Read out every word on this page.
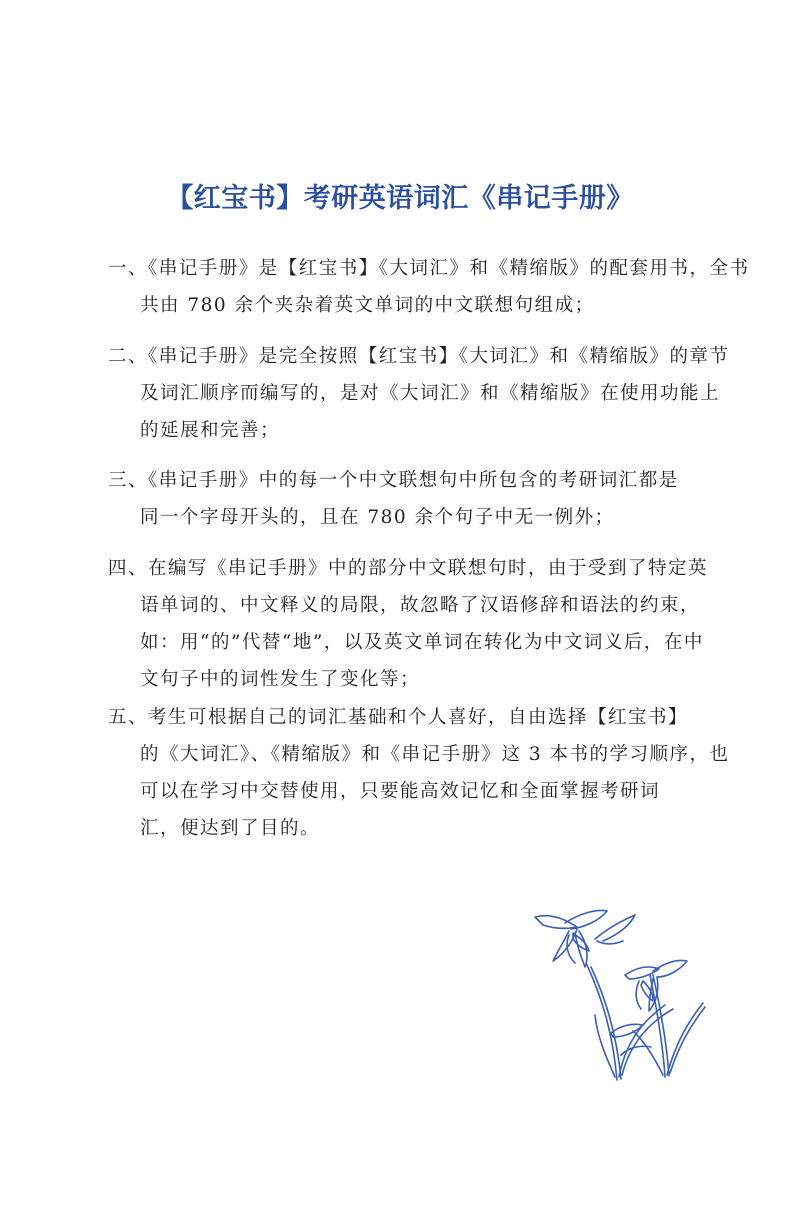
【红宝书】考研英语词汇《串记手册》
一、《串记手册》是【红宝书】《大词汇》和《精缩版》的配套用书，全书
共由 780 余个夹杂着英文单词的中文联想句组成；
二、《串记手册》是完全按照【红宝书】《大词汇》和《精缩版》的章节
及词汇顺序而编写的，是对《大词汇》和《精缩版》在使用功能上
的延展和完善；
三、《串记手册》中的每一个中文联想句中所包含的考研词汇都是
同一个字母开头的，且在 780 余个句子中无一例外；
四、在编写《串记手册》中的部分中文联想句时，由于受到了特定英
语单词的、中文释义的局限，故忽略了汉语修辞和语法的约束，
如：用“的”代替“地”，以及英文单词在转化为中文词义后，在中
文句子中的词性发生了变化等；
五、考生可根据自己的词汇基础和个人喜好，自由选择【红宝书】
的《大词汇》、《精缩版》和《串记手册》这 3 本书的学习顺序，也
可以在学习中交替使用，只要能高效记忆和全面掌握考研词
汇，便达到了目的。
